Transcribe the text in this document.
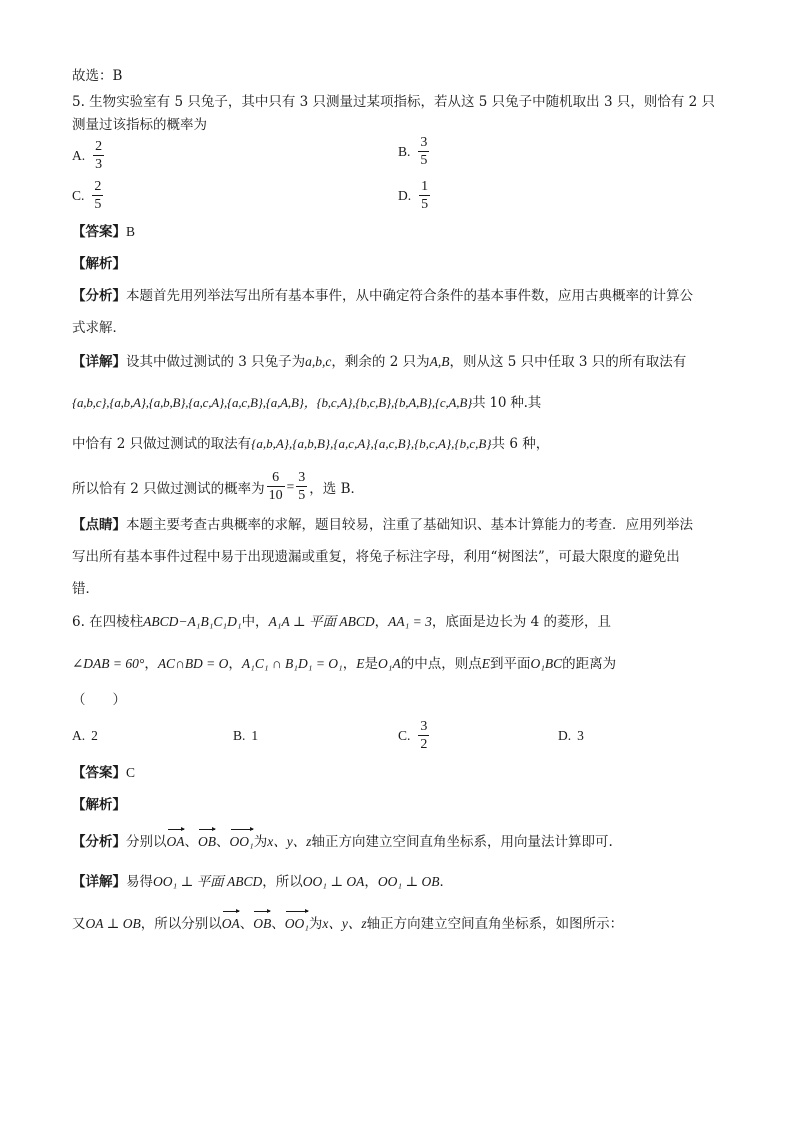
故选：B
5. 生物实验室有 5 只兔子，其中只有 3 只测量过某项指标，若从这 5 只兔子中随机取出 3 只，则恰有 2 只
测量过该指标的概率为
A. $\frac{2}{3}$	B. $\frac{3}{5}$
C. $\frac{2}{5}$	D. $\frac{1}{5}$
【答案】B
【解析】
【分析】本题首先用列举法写出所有基本事件，从中确定符合条件的基本事件数，应用古典概率的计算公
式求解．
【详解】设其中做过测试的 3 只兔子为a,b,c，剩余的 2 只为A,B，则从这 5 只中任取 3 只的所有取法有
{a,b,c},{a,b,A},{a,b,B},{a,c,A},{a,c,B},{a,A,B}，{b,c,A},{b,c,B},{b,A,B},{c,A,B}共 10 种.其
中恰有 2 只做过测试的取法有{a,b,A},{a,b,B},{a,c,A},{a,c,B},{b,c,A},{b,c,B}共 6 种，
所以恰有 2 只做过测试的概率为 $\frac{6}{10} = \frac{3}{5}$ ，选 B．
【点睛】本题主要考查古典概率的求解，题目较易，注重了基础知识、基本计算能力的考查．应用列举法
写出所有基本事件过程中易于出现遗漏或重复，将兔子标注字母，利用“树图法”，可最大限度的避免出
错．
6. 在四棱柱ABCD−A₁B₁C₁D₁中，A₁A ⊥ 平面 ABCD，AA₁ = 3，底面是边长为 4 的菱形，且
∠DAB = 60°，AC∩BD = O，A₁C₁ ∩ B₁D₁ = O₁，E是O₁A的中点，则点E到平面O₁BC的距离为
（　　）
A. 2	B. 1	C. $\frac{3}{2}$	D. 3
【答案】C
【解析】
【分析】分别以OA、OB、OO₁为x、y、z轴正方向建立空间直角坐标系，用向量法计算即可.
【详解】易得OO₁ ⊥ 平面 ABCD，所以OO₁ ⊥ OA，OO₁ ⊥ OB．
又OA ⊥ OB，所以分别以OA、OB、OO₁为x、y、z轴正方向建立空间直角坐标系，如图所示：
